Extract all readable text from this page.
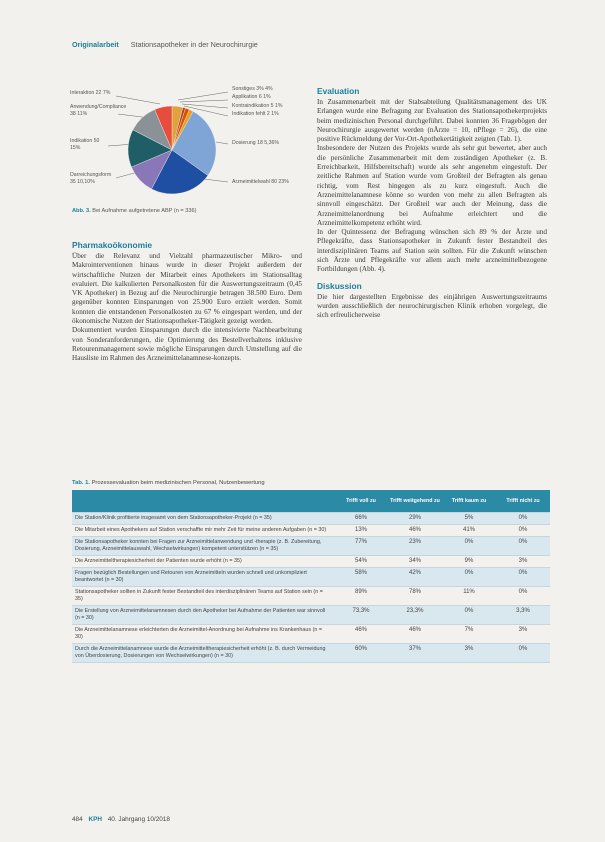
Originalarbeit Stationsapotheker in der Neurochirurgie
Interaktion 22 7%
Anwendung/Compliance 38 11%
Indikation 50 15%
Darreichungsform 35 10,10%
Sonstiges 3% 4%
Applikation 6 1%
Kontraindikation 5 1%
Indikation fehlt 2 1%
Dosierung 18 5,36%
Arzneimittelwahl 80 23%
Abb. 3. Bei Aufnahme aufgetretene ABP (n = 336)
Pharmakoökonomie

Über die Relevanz und Vielzahl pharmazeutischer Mikro- und Makrointerventionen hinaus wurde in dieser Projekt außerdem der wirtschaftliche Nutzen der Mitarbeit eines Apothekers im Stationsalltag evaluiert. Die kalkulierten Personalkosten für die Auswertungszeitraum (0,45 VK Apotheker) in Bezug auf die Neurochirurgie betragen 38.500 Euro. Dem gegenüber konnten Einsparungen von 25.900 Euro erzielt werden. Somit konnten die entstandenen Personalkosten zu 67 % eingespart werden, und der ökonomische Nutzen der Stationsapotheker-Tätigkeit gezeigt werden.

Dokumentiert wurden Einsparungen durch die intensivierte Nachbearbeitung von Sonderanforderungen, die Optimierung des Bestellverhaltens inklusive Retourenmanagement sowie mögliche Einsparungen durch Umstellung auf die Hausliste im Rahmen des Arzneimittelanamnese-konzepts.

Evaluation

In Zusammenarbeit mit der Stabsabteilung Qualitätsmanagement des UK Erlangen wurde eine Befragung zur Evaluation des Stationsapothekerprojekts beim medizinischen Personal durchgeführt. Dabei konnten 36 Fragebögen der Neurochirurgie ausgewertet werden (nÄrzte = 10, nPflege = 26), die eine positive Rückmeldung der Vor-Ort-Apothekertätigkeit zeigten (Tab. 1).

Insbesondere der Nutzen des Projekts wurde als sehr gut bewertet, aber auch die persönliche Zusammenarbeit mit dem zuständigen Apotheker (z. B. Erreichbarkeit, Hilfsbereitschaft) wurde als sehr angenehm eingestuft. Der zeitliche Rahmen auf Station wurde vom Großteil der Befragten als genau richtig, vom Rest hingegen als zu kurz eingestuft. Auch die Arzneimittelanamnese könne so wurden von mehr zu allen Befragten als sinnvoll eingeschätzt. Der Großteil war auch der Meinung, dass die Arzneimittelanordnung bei Aufnahme erleichtert und die Arzneimittelkompetenz erhöht wird.

In der Quintessenz der Befragung wünschen sich 89 % der Ärzte und Pflegekräfte, dass Stationsapotheker in Zukunft fester Bestandteil des interdisziplinären Teams auf Station sein sollten. Für die Zukunft wünschen sich Ärzte und Pflegekräfte vor allem auch mehr arzneimittelbezogene Fortbildungen (Abb. 4).

Diskussion

Die hier dargestellten Ergebnisse des einjährigen Auswertungszeitraums wurden ausschließlich der neurochirurgischen Klinik erhoben vorgelegt, die sich erfreulicherweise

Tab. 1. Prozessevaluation beim medizinischen Personal, Nutzenbewertung
	Trifft voll zu	Trifft weitgehend zu	Trifft kaum zu	Trifft nicht zu
Die Station/Klinik profitierte insgesamt von dem Stationsapotheker-Projekt (n = 35)	66%	29%	5%	0%
Die Mitarbeit eines Apothekers auf Station verschaffte mir mehr Zeit für meine anderen Aufgaben (n = 30)	13%	46%	41%	0%
Die Stationsapotheker konnten bei Fragen zur Arzneimittelanwendung und -therapie (z. B. Zubereitung, Dosierung, Arzneimittelauswahl, Wechselwirkungen) kompetent unterstützen (n = 35)	77%	23%	0%	0%
Die Arzneimitteltherapiesicherheit der Patienten wurde erhöht (n = 35)	54%	34%	9%	3%
Fragen bezüglich Bestellungen und Retouren von Arzneimitteln wurden schnell und unkompliziert beantwortet (n = 30)	58%	42%	0%	0%
Stationsapotheker sollten in Zukunft fester Bestandteil des interdisziplinären Teams auf Station sein (n = 35)	89%	78%	11%	0%
Die Erstellung von Arzneimittelanamnesen durch den Apotheker bei Aufnahme der Patienten war sinnvoll (n = 30)	73,3%	23,3%	0%	3,3%
Die Arzneimittelanamnese erleichterten die Arzneimittel-Anordnung bei Aufnahme ins Krankenhaus (n = 30)	46%	46%	7%	3%
Durch die Arzneimittelanamnese wurde die Arzneimitteltherapiesicherheit erhöht (z. B. durch Vermeidung von Überdosierung, Dosierungen von Wechselwirkungen) (n = 30)	60%	37%	3%	0%
484 KPH 40. Jahrgang 10/2018
